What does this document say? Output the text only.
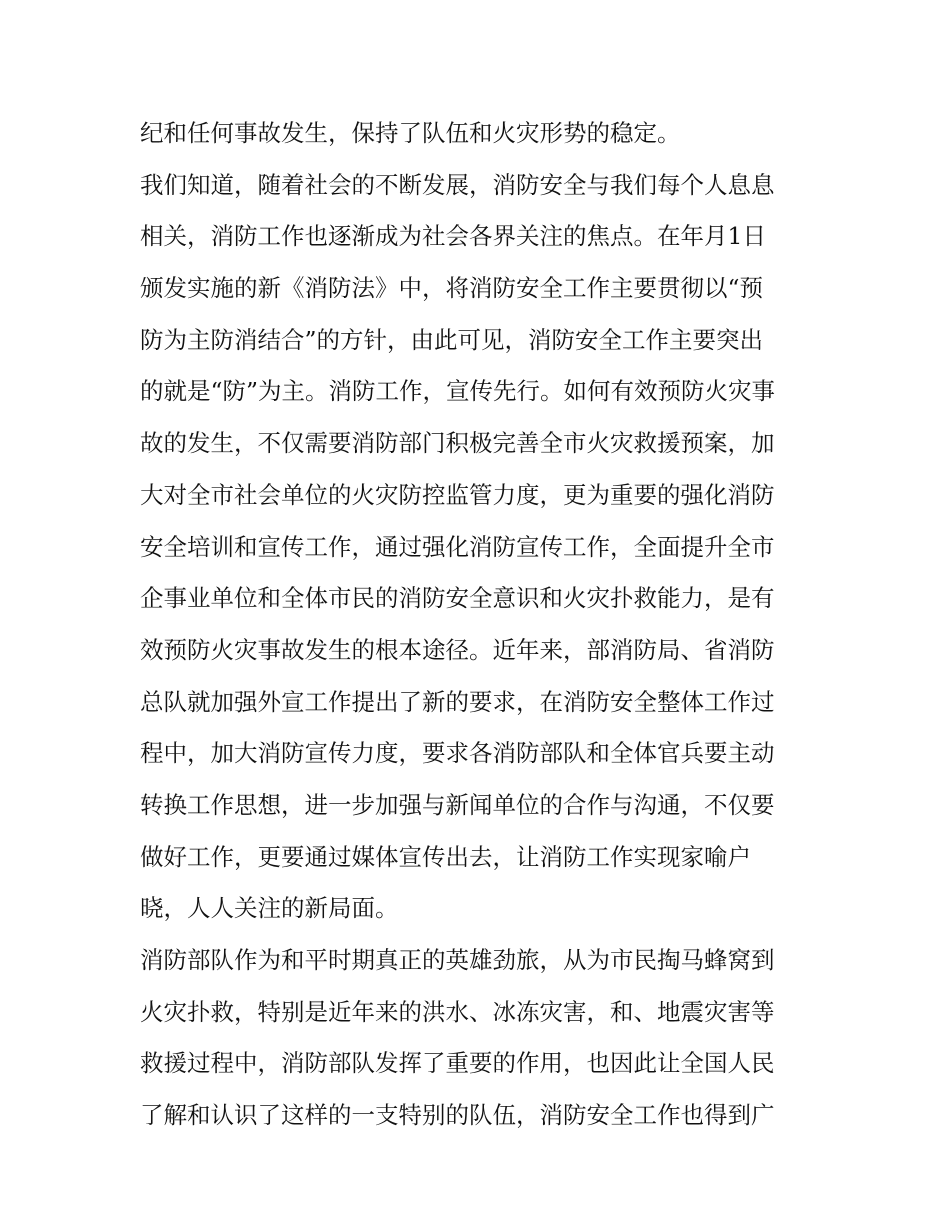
纪和任何事故发生，保持了队伍和火灾形势的稳定。
我们知道，随着社会的不断发展，消防安全与我们每个人息息
相关，消防工作也逐渐成为社会各界关注的焦点。在年月1日
颁发实施的新《消防法》中，将消防安全工作主要贯彻以“预
防为主防消结合”的方针，由此可见，消防安全工作主要突出
的就是“防”为主。消防工作，宣传先行。如何有效预防火灾事
故的发生，不仅需要消防部门积极完善全市火灾救援预案，加
大对全市社会单位的火灾防控监管力度，更为重要的强化消防
安全培训和宣传工作，通过强化消防宣传工作，全面提升全市
企事业单位和全体市民的消防安全意识和火灾扑救能力，是有
效预防火灾事故发生的根本途径。近年来，部消防局、省消防
总队就加强外宣工作提出了新的要求，在消防安全整体工作过
程中，加大消防宣传力度，要求各消防部队和全体官兵要主动
转换工作思想，进一步加强与新闻单位的合作与沟通，不仅要
做好工作，更要通过媒体宣传出去，让消防工作实现家喻户
晓，人人关注的新局面。
消防部队作为和平时期真正的英雄劲旅，从为市民掏马蜂窝到
火灾扑救，特别是近年来的洪水、冰冻灾害，和、地震灾害等
救援过程中，消防部队发挥了重要的作用，也因此让全国人民
了解和认识了这样的一支特别的队伍，消防安全工作也得到广
